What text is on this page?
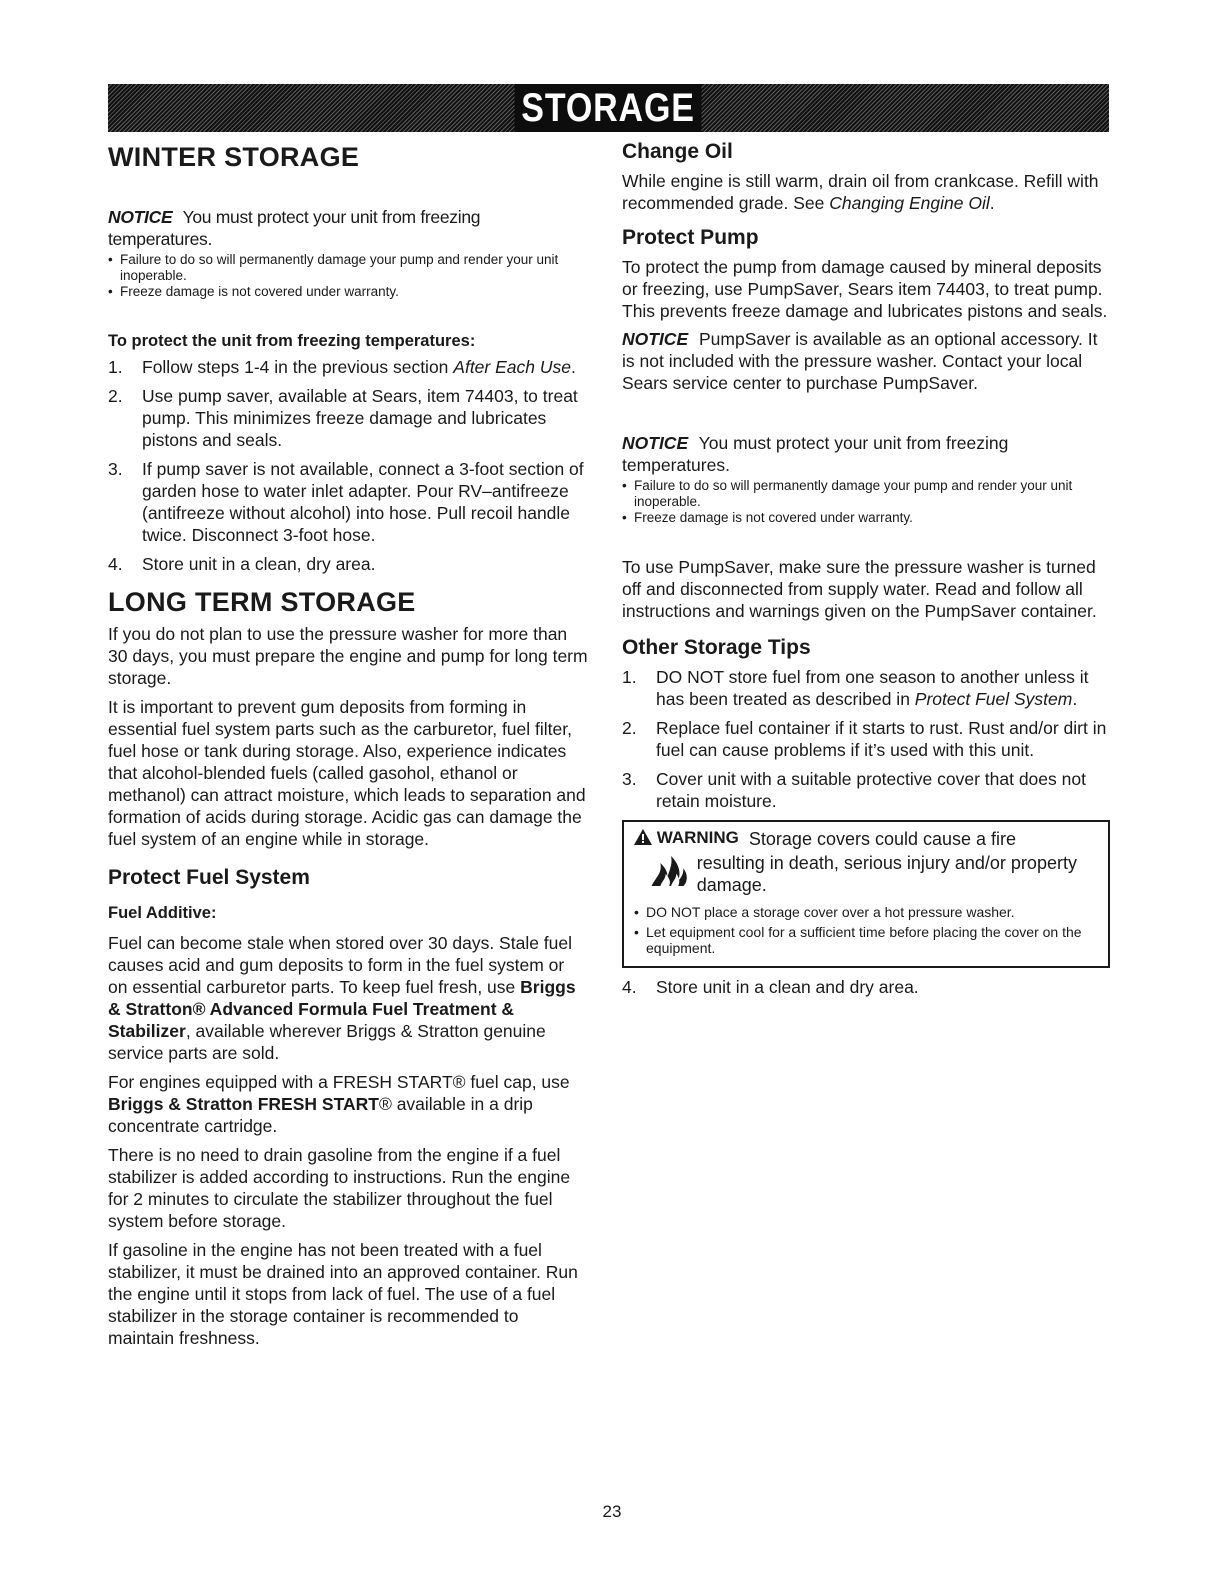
STORAGE
WINTER STORAGE

NOTICE You must protect your unit from freezing temperatures.

• Failure to do so will permanently damage your pump and render your unit inoperable.
• Freeze damage is not covered under warranty.
To protect the unit from freezing temperatures:
1. Follow steps 1-4 in the previous section After Each Use.
2. Use pump saver, available at Sears, item 74403, to treat pump. This minimizes freeze damage and lubricates pistons and seals.
3. If pump saver is not available, connect a 3-foot section of garden hose to water inlet adapter. Pour RV–antifreeze (antifreeze without alcohol) into hose. Pull recoil handle twice. Disconnect 3-foot hose.
4. Store unit in a clean, dry area.
LONG TERM STORAGE

If you do not plan to use the pressure washer for more than 30 days, you must prepare the engine and pump for long term storage.

It is important to prevent gum deposits from forming in essential fuel system parts such as the carburetor, fuel filter, fuel hose or tank during storage. Also, experience indicates that alcohol-blended fuels (called gasohol, ethanol or methanol) can attract moisture, which leads to separation and formation of acids during storage. Acidic gas can damage the fuel system of an engine while in storage.

Protect Fuel System
Fuel Additive:

Fuel can become stale when stored over 30 days. Stale fuel causes acid and gum deposits to form in the fuel system or on essential carburetor parts. To keep fuel fresh, use Briggs & Stratton® Advanced Formula Fuel Treatment & Stabilizer, available wherever Briggs & Stratton genuine service parts are sold.

For engines equipped with a FRESH START® fuel cap, use Briggs & Stratton FRESH START® available in a drip concentrate cartridge.

There is no need to drain gasoline from the engine if a fuel stabilizer is added according to instructions. Run the engine for 2 minutes to circulate the stabilizer throughout the fuel system before storage.

If gasoline in the engine has not been treated with a fuel stabilizer, it must be drained into an approved container. Run the engine until it stops from lack of fuel. The use of a fuel stabilizer in the storage container is recommended to maintain freshness.

Change Oil

While engine is still warm, drain oil from crankcase. Refill with recommended grade. See Changing Engine Oil.

Protect Pump

To protect the pump from damage caused by mineral deposits or freezing, use PumpSaver, Sears item 74403, to treat pump. This prevents freeze damage and lubricates pistons and seals.

NOTICE PumpSaver is available as an optional accessory. It is not included with the pressure washer. Contact your local Sears service center to purchase PumpSaver.

NOTICE You must protect your unit from freezing temperatures.

• Failure to do so will permanently damage your pump and render your unit inoperable.
• Freeze damage is not covered under warranty.

To use PumpSaver, make sure the pressure washer is turned off and disconnected from supply water. Read and follow all instructions and warnings given on the PumpSaver container.

Other Storage Tips
1. DO NOT store fuel from one season to another unless it has been treated as described in Protect Fuel System.
2. Replace fuel container if it starts to rust. Rust and/or dirt in fuel can cause problems if it’s used with this unit.
3. Cover unit with a suitable protective cover that does not retain moisture.
WARNING Storage covers could cause a fire
resulting in death, serious injury and/or property damage.
• DO NOT place a storage cover over a hot pressure washer.
• Let equipment cool for a sufficient time before placing the cover on the equipment.
4. Store unit in a clean and dry area.
23
